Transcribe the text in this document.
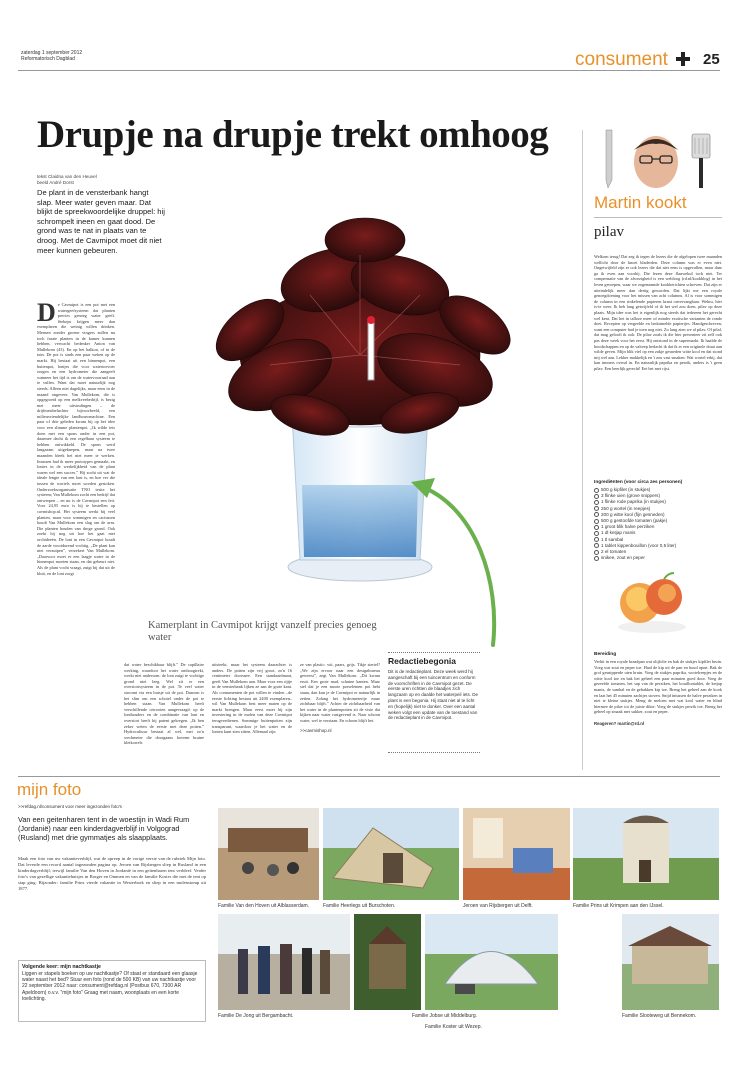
zaterdag 1 september 2012
Reformatorisch Dagblad	consument 25
Drupje na drupje trekt omhoog
tekst Claidna van den Heuvel
beeld André Dorst
De plant in de vensterbank hangt slap. Meer water geven maar. Dat blijkt de spreekwoordelijke druppel: hij schrompelt ineen en gaat dood. De grond was te nat in plaats van te droog. Met de Cavmipot moet dit niet meer kunnen gebeuren.
Kamerplant in Cavmipot krijgt vanzelf precies genoeg water
D e Cavmipot is een pot met een watergeefsysteem dat planten precies genoeg water geeft. Stekeps krijgen meer dan exemplaren die weinig willen drinken. Mensen zonder groene vingers zullen nu toch fraaie planten in de kamer kunnen hebben, verwacht bedenker Anton van Mullekom (43). En op het balkon, of in de tuin. De pot is sinds een paar weken op de markt. Hij bestaat uit een binnenpot, een buitenpot, lontjes die voor watertoevoer zorgen en een hydrometer die aangeeft wanneer het tijd is om de watervoorraad aan te vullen. Want dat moet natuurlijk nog steeds. Alleen niet dagelijks, maar eens in de maand ongeveer. Van Mullekom, die is opgegroeid op een melkveebedrijf, is bezig met meer uitvindingen – de drijfmestbeluchter bijvoorbeeld, een milieuvriendelijke landbouwmachine. Een paar of drie geleden kwam hij op het idee voor een slimme plantenpot. „Ik wilde iets doen met een spons onder in een pot, daarmee dacht ik een regelbaar systeem te hebben ontwikkeld. De spons werd langzaam uitgeknepen, maar na twee maanden bleek het niet meer te werken. Intussen had ik meer prototypes gemaakt, en lontes in de werkelijkheid van de plant waren wel een succes.” Hij zocht uit wat de ideale lengte van een lont is, en hoe ver die tussen de wortels moet worden gestoken. Onderzoeksorganisatie TNO testte het systeem; Van Mullekom zocht een bedrijf dat ontwerpen – en nu is de Cavmipot een feit. Voor 24,95 euro is hij te bestellen op cavmishop.nl. Het systeem werkt bij veel planten, maar voor sommigen en cactussen houdt Van Mullekom een slag om de arm. Die planten houden van droge grond. Ook zoekt hij nog uit hoe het gaat met orchideeën. De lont in een Cavmipot houdt de aarde voortdurend vochtig. „De plant kan niet verzuipen”, verzekert Van Mullekom. „Daarvoor moet er een laagje water in de binnenpot moeten staan, en dat gebeurt niet. Als de plant vocht vraagt, zuigt hij dat uit de kluit, en de lont zorgt
dat water beschikbaar blijft.” De capillaire werking, waardoor het water omhoogtrekt, werkt niet andersom: de lont zuigt te vochtige grond niet leeg. Wel zit er een overstortsysteem in de pot. Te veel water stroomt via een buisje uit de pot. Daarom is het slim om een schotel onder de pot te hebben staan. Van Mullekom heeft verschillende cetrooien aangevraagd: op de lonthouders en de combinatie van lont en overstort heeft hij patent gekregen. „Ik ben zeker weten de eerste met deze potten.” Hydrocultuur bestaat al wel, met zo'n wechmeter die doorgaans bovenn bruine kleikorrels
uitsteekt, maar het systeem daarachter is anders. De potten zijn vrij groot, zo'n 16 centimeter doorsnee. Een standaardmaat, geeft Van Mullekom aan. Maar voor een rijtje in de vensterbank lijken ze aan de grote kant. Als consumenten de pot willen te vinden –de eerste lichting bestaat uit 2400 exemplaren– wil Van Mullekom best meer maten op de markt brengen. Maar eerst moet hij zijn investering in de molen van deze Cavmipot terugverdienen. Sommige buitenpotten zijn transparant, waardoor je het water en de lonten kunt zien zitten. Allemaal zijn
ze van plastic: wit, paars, grijs. Tikje steriel? „We zijn ervoor naar een designbureau geweest”, zegt Van Mullekom. „Dit kwam eruit. Een grote mad, schuine kanten. Maar stel dat je een mooie porseleinen pot hebt staan, dan kun je de Cavmipot er natuurlijk in zetten. Zolang het hydrometertje maar zichtbaar blijft.” Achter de zichtbaarheid van het water in de plantenpotten zit de visie dat kijken naar water rustgevend is. Naar schoon water, wel te verstaan. En schoon blijft het.
>>cavmishop.nl
Redactiebegonia
Dit is de redactieplant. Deze week werd hij aangeschaft bij een tuincentrum en conform de voorschriften in de Cavmipot gezet. De eerste uren richtten de blaadjes zich langzaam op en daalde het waterpeil iets. De plant is een begonia. Hij staat niet al te licht en (hopelijk) niet te donker. Over een aantal weken volgt een update van de toestand van de redactieplant in de Cavmipot.
Martin kookt
pilav
Welkom terug! Dat zeg ik tegen de lezers die de afgelopen twee maanden wellicht door de knoet bladerden. Deze column was er even niet. Ongetwijfeld zijn er ook lezers die dat niet eens is opgevallen, maar daar ga ik even aan voorbij. Die lezen deze flauwekul toch niet. Ter compensatie van de afwezigheid is een webloog (rd.nl/kookblog) in het leven geroepen, waar we zogenaamde kookberichten schreven. Dat zijn er uiteindelijk meer dan dertig geworden. Dat lijkt me een royale genoegdoening voor het missen van acht columns. Al is voor sommigen de column in een rinkelende papieren krant onvervangbaar. Welnu, hier is-ie weer. Ik heb lang getwijfeld of ik het wel zou doen, pilav op deze plaats. Mijn idee was het is eigenlijk nog steeds dat iedereen het gerecht wel kent. Dat het in talloze meer of minder exotische varianten de ronde doet. Recepten op vergeelde en beduimelde papiertjes. Handgeschreven, want een computer had je toen nog niet. Zo lang zien we al pilav. Of pilaf, dat mag gelooft ik ook. De pilav zoals ik die hier presenteer zit zelf ook pas deze week voor het eerst. Hij ontstond in de supermarkt. Ik haalde de boodschappen en op de valreep bedacht ik dat ik er een originele draai aan wilde geven. Mijn blik viel op een zakje gesneden witte kool en dat stond mij wel aan. Lekker makkelijk en 't zou vast smaken. Wat wortel erbij, dat kan immers overal in. En natuurlijk paprika en perzik, anders is 't geen pilav. Een heerlijk gerecht! Eet het met rijst.
Ingrediënten (voor circa zes personen)
500 g kipfilet (in stukjes)
3 flinke uien (grove snippers)
1 flinke rode paprika (in stukjes)
250 g wortel (in reepjes)
200 g witte kool (fijn gesneden)
500 g gestoofde tomaten (pakje)
1 groot blik halve perziken
1 dl ketjap manis
1 tl sambal
1 tablet kippenbouillon (voor 0,5 liter)
2 el tomaten
snikee, zout en peper
Bereiding
Verhit in een royale braadpan wat olijfolie en bak de stukjes kipfilet bruin. Voeg wat zout en peper toe. Haal de kip uit de pan en houd apart. Bak de grof gesnipperde uien bruin. Voeg de stukjes paprika, wortelreepjes en de witte kool toe en bak het geheel een paar minuten goed door. Voeg de gezeefde tomaten, het sap van de perziken, het bouillontablet, de ketjap manis, de sambal en de gebakken kip toe. Breng het geheel aan de kook en laat het 45 minuten zachtjes stoven. Snijd intussen de halve perziken in niet te kleine stukjes. Meng de meloen met wat kool water en blind hiermee de pilav tot de juiste dikte. Voeg de stukjes perzik toe. Breng het geheel op smaak met sukker, zout en peper.
Reageren? martin@rd.nl
mijn foto
>>refdag.nl/consument voor meer ingezonden foto's
Van een geitenharen tent in de woestijn in Wadi Rum (Jordanië) naar een kinderdagverblijf in Volgograd (Rusland) met drie gymmatjes als slaapplaats.
Maak een foto van uw vakantieverblijf, wat de opreep in de vorige versie van de rubriek Mijn foto. Dat leverde een record aantal ingezonden pagina op. Jeroen van Rijsbergen sliep in Rusland in een kinderdagverblijf, terwijl familie Van den Hoven in Jordanië in een geitenharen tent verbleef. Verder foto's van gezellige vakantiehuisjes in Borger en Ommen en van de familie Koster die met de tent op stap ging. Bijzonder: familie Prins vierde vakantie in Westerbork en sliep in een molenstomp uit 1877.
Volgende keer: mijn nachtkastje
Liggen er stapels boeken op uw nachtkastje? Of staat er standaard een glaasje water naast het bed? Stuur een foto (rond de 500 KB) van uw nachtkastje voor 22 september 2012 naar: consument@refdag.nl (Postbus 670, 7300 AR Apeldoorn) o.v.v. "mijn foto" Graag met naam, woonplaats en een korte toelichting.
Familie Van den Hoven uit Alblasserdam.	Familie Heerlegs uit Burschoten.	Jeroen van Rijsbergen uit Delft.	Familie Prins uit Krimpen aan den IJssel.
Familie De Jong uit Bergambacht.	Familie Jobse uit Middelburg.
Familie Koster uit Wezep.
Familie Slooteweg uit Bennekom.
